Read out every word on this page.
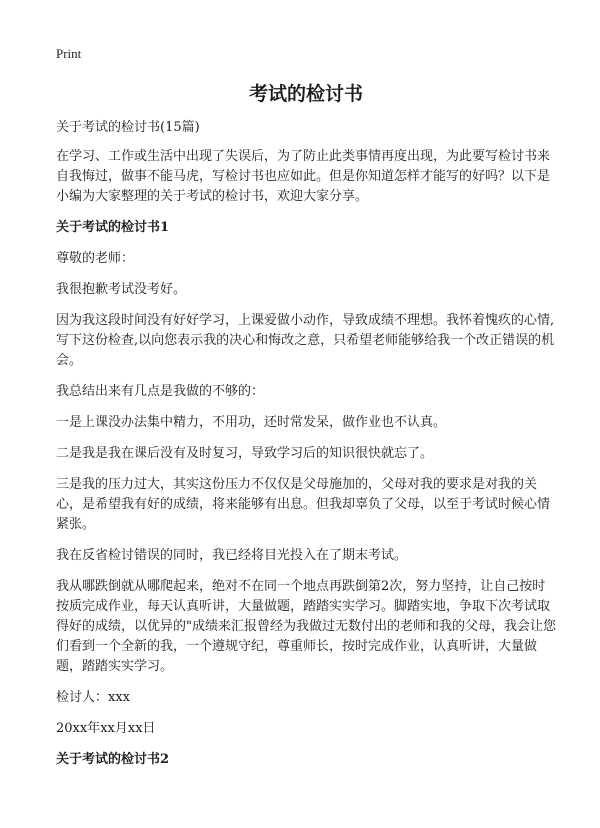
Print
考试的检讨书

关于考试的检讨书(15篇)

在学习、工作或生活中出现了失误后，为了防止此类事情再度出现，为此要写检讨书来自我悔过，做事不能马虎，写检讨书也应如此。但是你知道怎样才能写的好吗？以下是小编为大家整理的关于考试的检讨书，欢迎大家分享。

关于考试的检讨书1

尊敬的老师：

我很抱歉考试没考好。

因为我这段时间没有好好学习，上课爱做小动作，导致成绩不理想。我怀着愧疚的心情,写下这份检查,以向您表示我的决心和悔改之意，只希望老师能够给我一个改正错误的机会。

我总结出来有几点是我做的不够的：

一是上课没办法集中精力，不用功，还时常发呆，做作业也不认真。

二是我是我在课后没有及时复习，导致学习后的知识很快就忘了。

三是我的压力过大，其实这份压力不仅仅是父母施加的，父母对我的要求是对我的关心，是希望我有好的成绩，将来能够有出息。但我却辜负了父母，以至于考试时候心情紧张。

我在反省检讨错误的同时，我已经将目光投入在了期末考试。

我从哪跌倒就从哪爬起来，绝对不在同一个地点再跌倒第2次，努力坚持，让自己按时按质完成作业，每天认真听讲，大量做题，踏踏实实学习。脚踏实地，争取下次考试取得好的成绩，以优异的"成绩来汇报曾经为我做过无数付出的老师和我的父母，我会让您们看到一个全新的我，一个遵规守纪，尊重师长，按时完成作业，认真听讲，大量做题，踏踏实实学习。

检讨人：xxx

20xx年xx月xx日

关于考试的检讨书2
